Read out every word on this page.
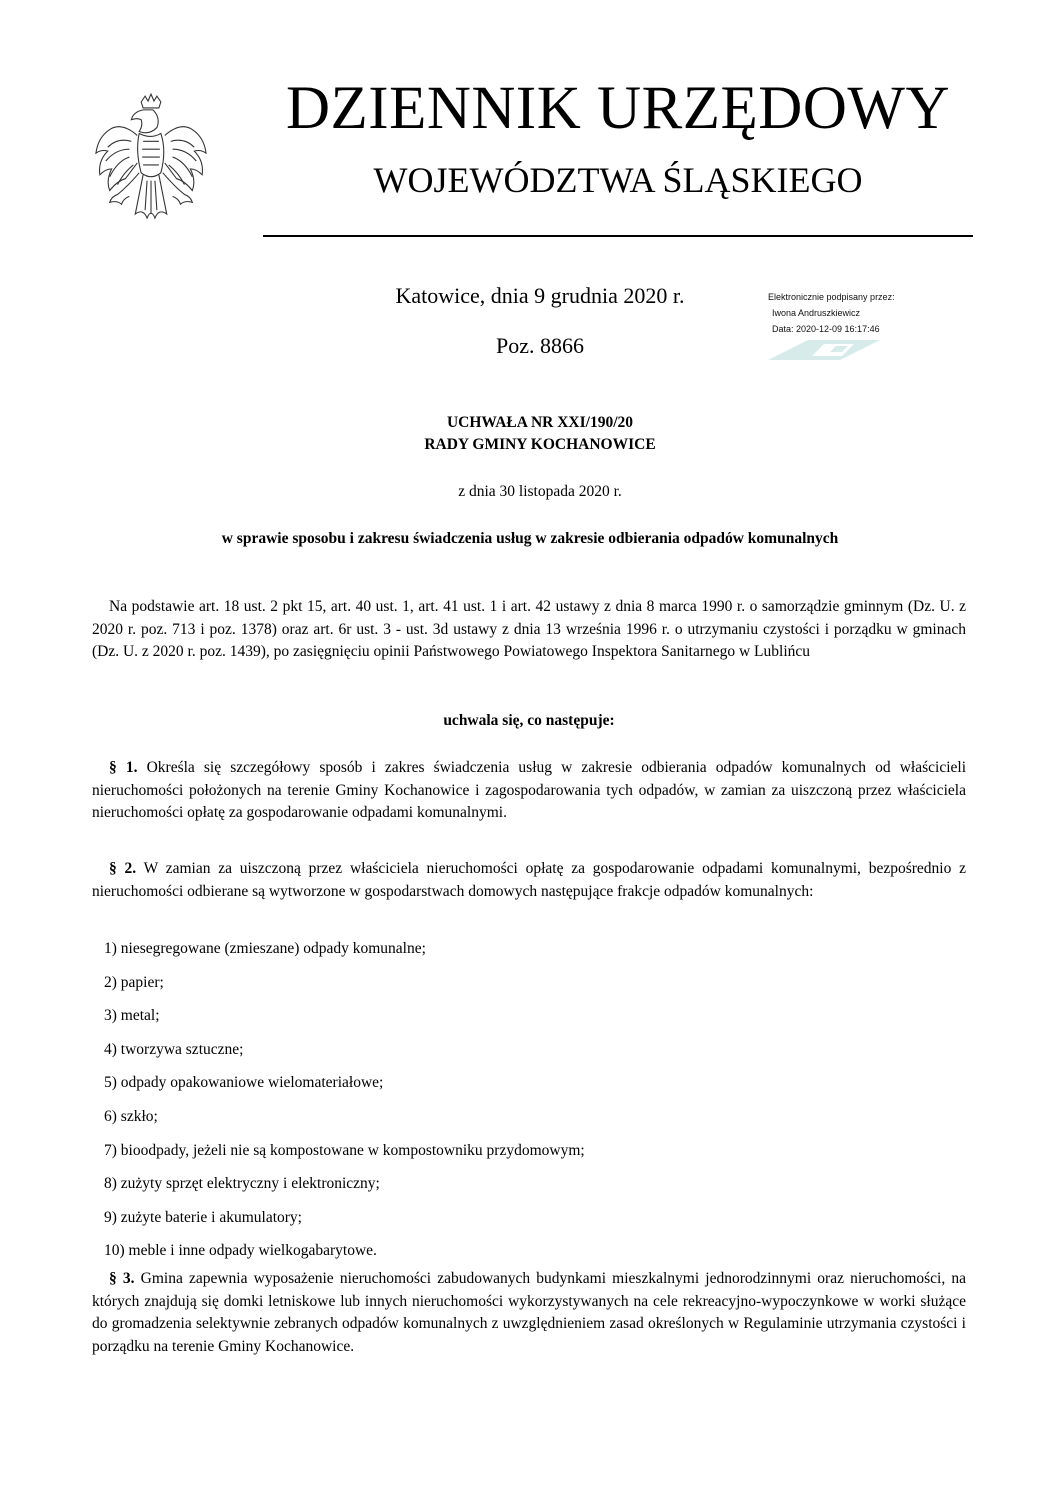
DZIENNIK URZĘDOWY
WOJEWÓDZTWA ŚLĄSKIEGO
Katowice, dnia 9 grudnia 2020 r.
Poz. 8866
Elektronicznie podpisany przez:
Iwona Andruszkiewicz
Data: 2020-12-09 16:17:46
UCHWAŁA NR XXI/190/20
RADY GMINY KOCHANOWICE
z dnia 30 listopada 2020 r.
w sprawie sposobu i zakresu świadczenia usług w zakresie odbierania odpadów komunalnych
Na podstawie art. 18 ust. 2 pkt 15, art. 40 ust. 1, art. 41 ust. 1 i art. 42 ustawy z dnia 8 marca 1990 r. o samorządzie gminnym (Dz. U. z 2020 r. poz. 713 i poz. 1378) oraz art. 6r ust. 3 - ust. 3d ustawy z dnia 13 września 1996 r. o utrzymaniu czystości i porządku w gminach (Dz. U. z 2020 r. poz. 1439), po zasięgnięciu opinii Państwowego Powiatowego Inspektora Sanitarnego w Lublińcu
uchwala się, co następuje:
§ 1. Określa się szczegółowy sposób i zakres świadczenia usług w zakresie odbierania odpadów komunalnych od właścicieli nieruchomości położonych na terenie Gminy Kochanowice i zagospodarowania tych odpadów, w zamian za uiszczoną przez właściciela nieruchomości opłatę za gospodarowanie odpadami komunalnymi.
§ 2. W zamian za uiszczoną przez właściciela nieruchomości opłatę za gospodarowanie odpadami komunalnymi, bezpośrednio z nieruchomości odbierane są wytworzone w gospodarstwach domowych następujące frakcje odpadów komunalnych:
1) niesegregowane (zmieszane) odpady komunalne;
2) papier;
3) metal;
4) tworzywa sztuczne;
5) odpady opakowaniowe wielomateriałowe;
6) szkło;
7) bioodpady, jeżeli nie są kompostowane w kompostowniku przydomowym;
8) zużyty sprzęt elektryczny i elektroniczny;
9) zużyte baterie i akumulatory;
10) meble i inne odpady wielkogabarytowe.
§ 3. Gmina zapewnia wyposażenie nieruchomości zabudowanych budynkami mieszkalnymi jednorodzinnymi oraz nieruchomości, na których znajdują się domki letniskowe lub innych nieruchomości wykorzystywanych na cele rekreacyjno-wypoczynkowe w worki służące do gromadzenia selektywnie zebranych odpadów komunalnych z uwzględnieniem zasad określonych w Regulaminie utrzymania czystości i porządku na terenie Gminy Kochanowice.
